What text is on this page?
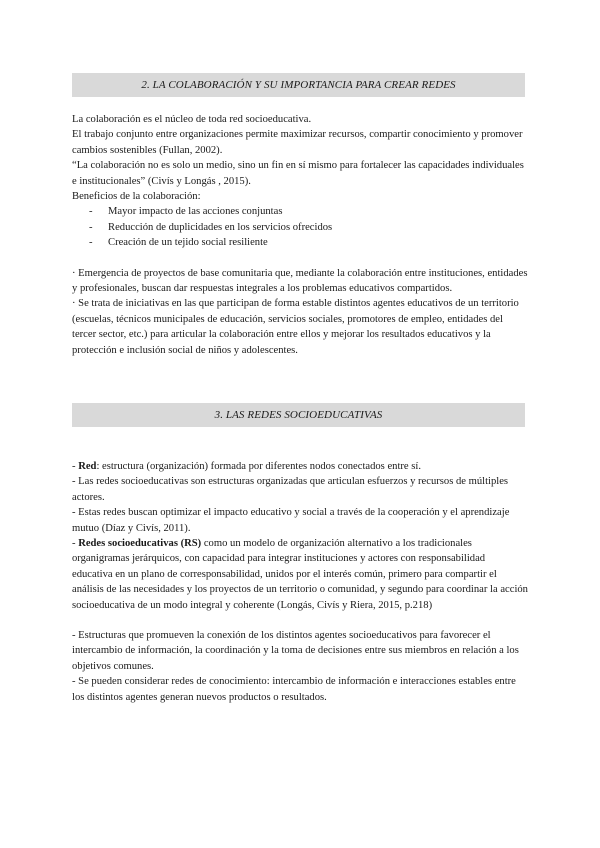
2. LA COLABORACIÓN Y SU IMPORTANCIA PARA CREAR REDES

La colaboración es el núcleo de toda red socioeducativa.

El trabajo conjunto entre organizaciones permite maximizar recursos, compartir conocimiento y promover cambios sostenibles (Fullan, 2002).

“La colaboración no es solo un medio, sino un fin en sí mismo para fortalecer las capacidades individuales e institucionales” (Civís y Longás , 2015).

Beneficios de la colaboración:

- Mayor impacto de las acciones conjuntas
- Reducción de duplicidades en los servicios ofrecidos
- Creación de un tejido social resiliente

· Emergencia de proyectos de base comunitaria que, mediante la colaboración entre instituciones, entidades y profesionales, buscan dar respuestas integrales a los problemas educativos compartidos.

· Se trata de iniciativas en las que participan de forma estable distintos agentes educativos de un territorio (escuelas, técnicos municipales de educación, servicios sociales, promotores de empleo, entidades del tercer sector, etc.) para articular la colaboración entre ellos y mejorar los resultados educativos y la protección e inclusión social de niños y adolescentes.

3. LAS REDES SOCIOEDUCATIVAS

- Red: estructura (organización) formada por diferentes nodos conectados entre sí.

- Las redes socioeducativas son estructuras organizadas que articulan esfuerzos y recursos de múltiples actores.

- Estas redes buscan optimizar el impacto educativo y social a través de la cooperación y el aprendizaje mutuo (Díaz y Civís, 2011).

- Redes socioeducativas (RS) como un modelo de organización alternativo a los tradicionales organigramas jerárquicos, con capacidad para integrar instituciones y actores con responsabilidad educativa en un plano de corresponsabilidad, unidos por el interés común, primero para compartir el análisis de las necesidades y los proyectos de un territorio o comunidad, y segundo para coordinar la acción socioeducativa de un modo integral y coherente (Longás, Civís y Riera, 2015, p.218)

- Estructuras que promueven la conexión de los distintos agentes socioeducativos para favorecer el intercambio de información, la coordinación y la toma de decisiones entre sus miembros en relación a los objetivos comunes.

- Se pueden considerar redes de conocimiento: intercambio de información e interacciones estables entre los distintos agentes generan nuevos productos o resultados.
